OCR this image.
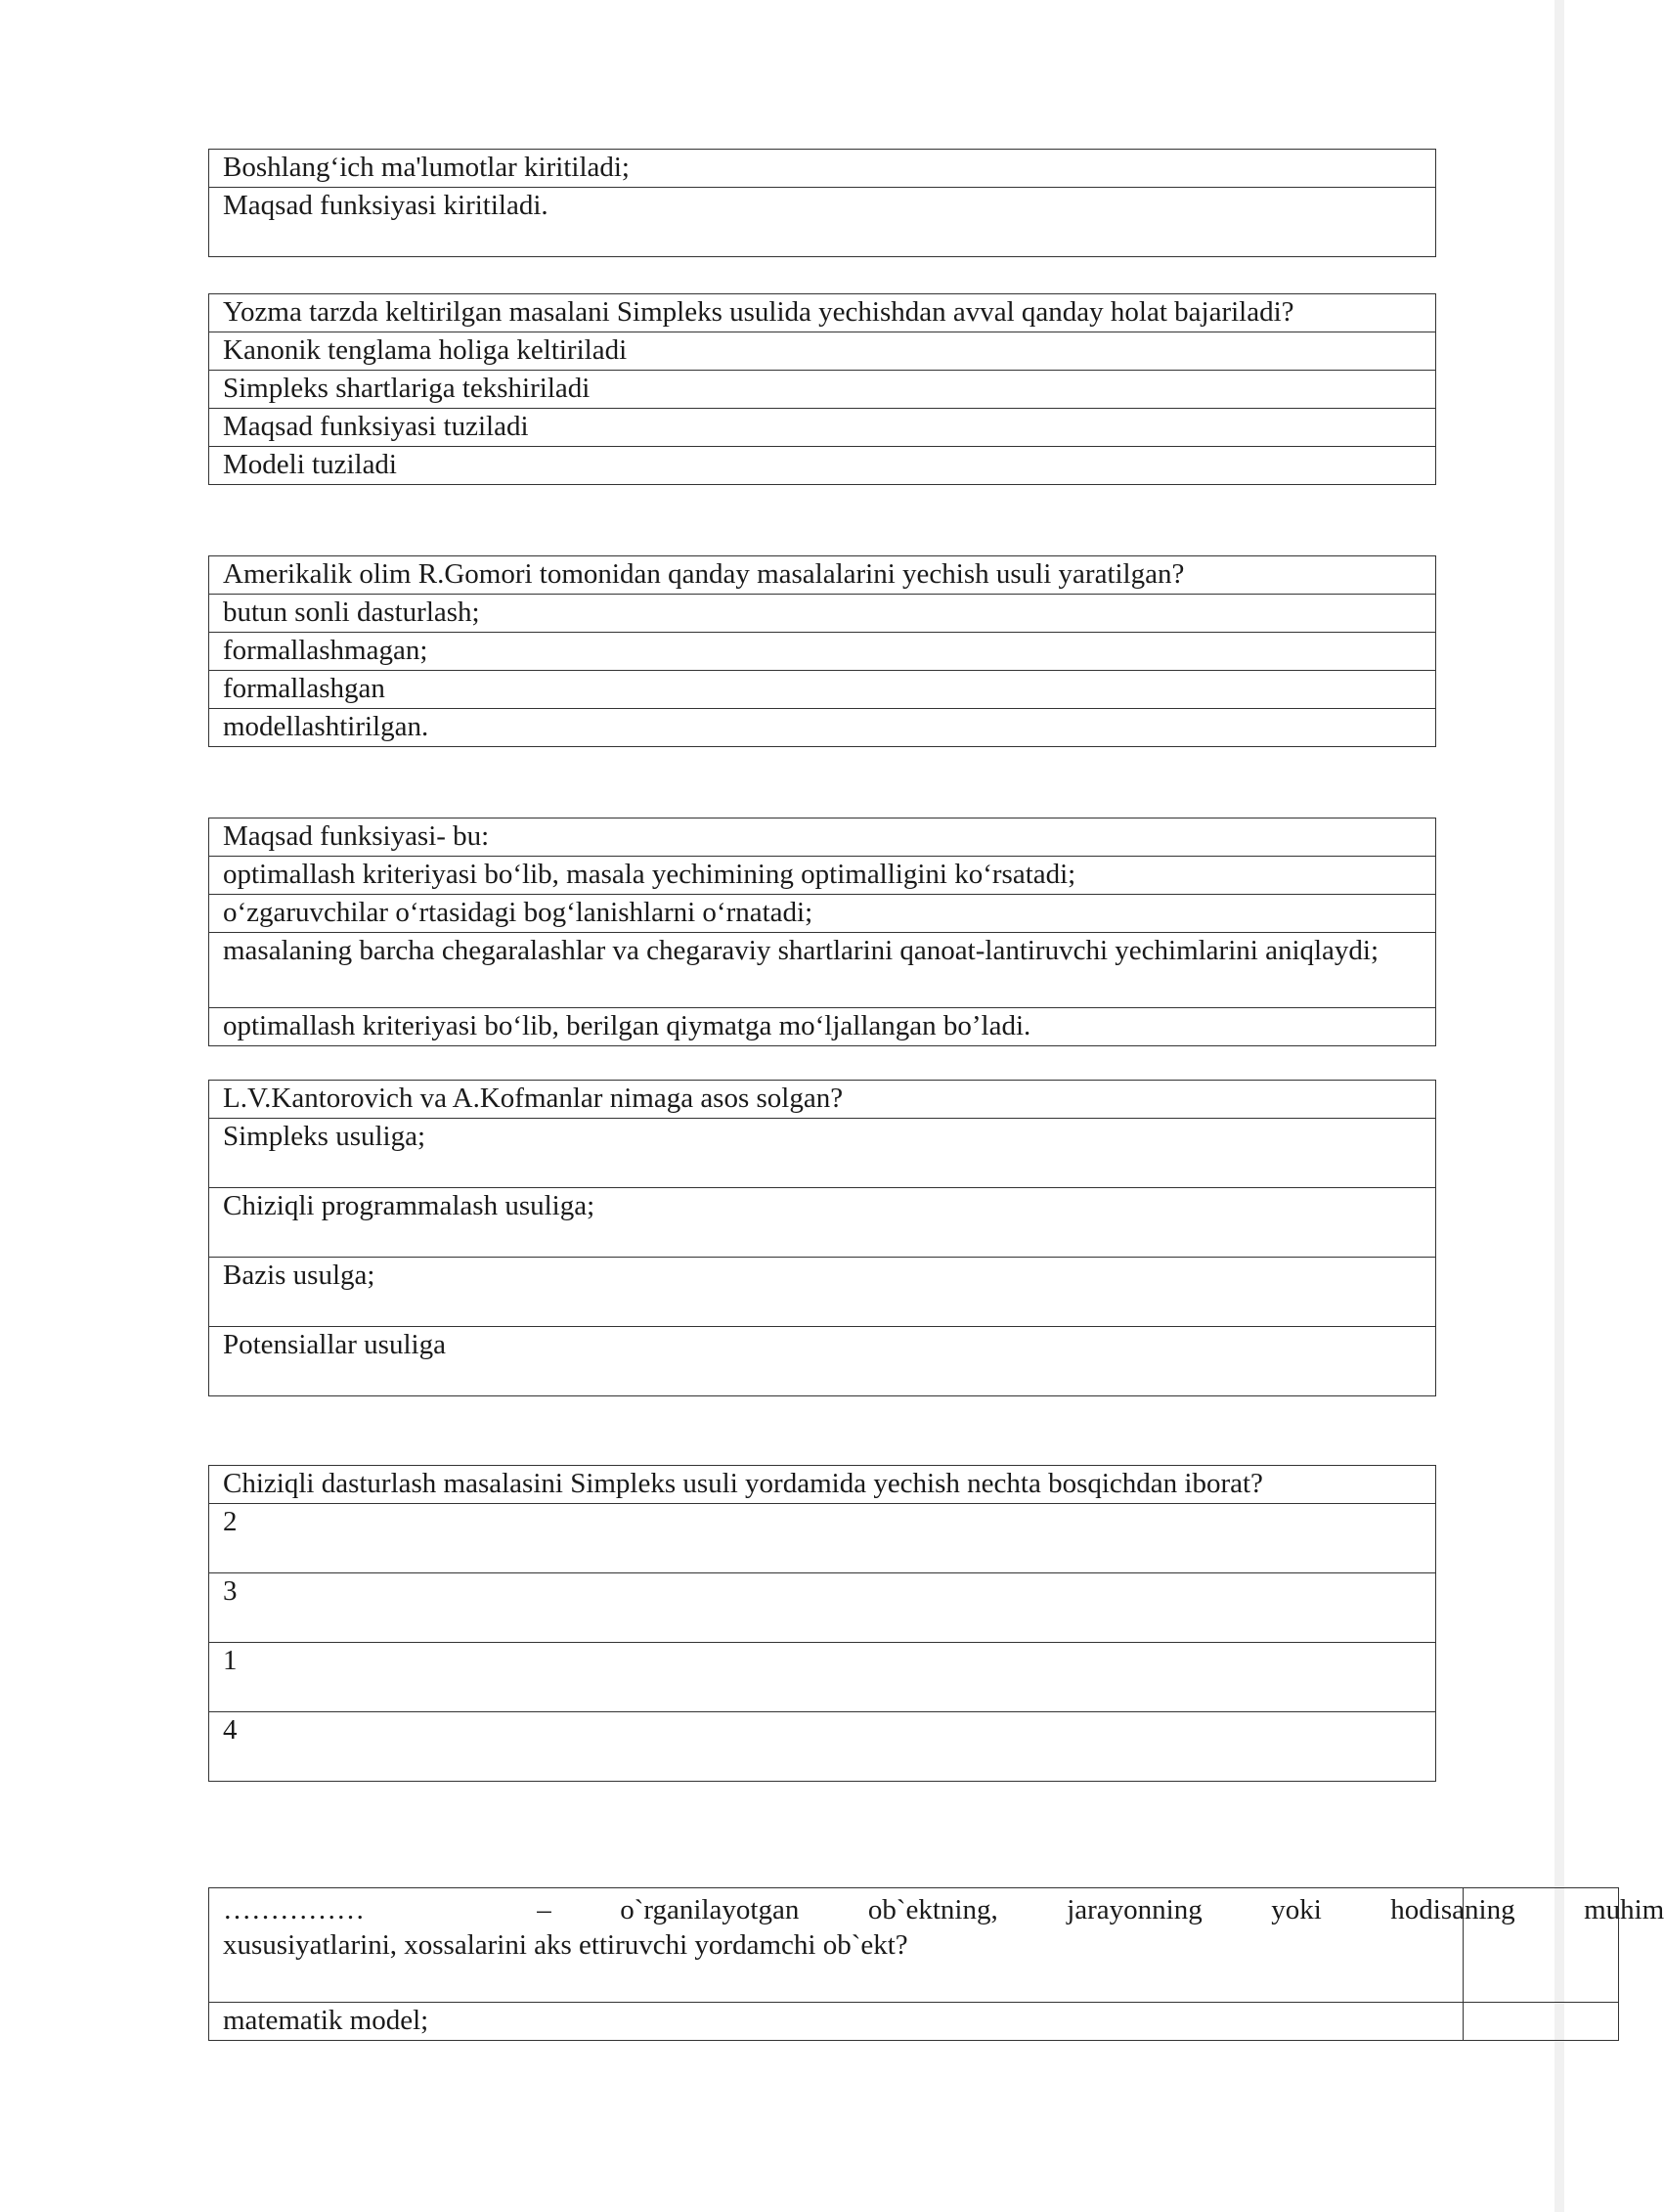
Boshlang‘ich ma'lumotlar kiritiladi;
Maqsad funksiyasi kiritiladi.
Yozma tarzda keltirilgan masalani Simpleks usulida yechishdan avval qanday holat bajariladi?
Kanonik tenglama holiga keltiriladi
Simpleks shartlariga tekshiriladi
Maqsad funksiyasi tuziladi
Modeli tuziladi
Amerikalik olim R.Gomori tomonidan qanday masalalarini yechish usuli yaratilgan?
butun sonli dasturlash;
formallashmagan;
formallashgan
modellashtirilgan.
Maqsad funksiyasi- bu:
optimallash kriteriyasi bo‘lib, masala yechimining optimalligini ko‘rsatadi;
o‘zgaruvchilar o‘rtasidagi bog‘lanishlarni o‘rnatadi;
masalaning barcha chegaralashlar va chegaraviy shartlarini qanoat-lantiruvchi yechimlarini aniqlaydi;
optimallash kriteriyasi bo‘lib, berilgan qiymatga mo‘ljallangan bo’ladi.
L.V.Kantorovich va A.Kofmanlar nimaga asos solgan?
Simpleks usuliga;
Chiziqli programmalash usuliga;
Bazis usulga;
Potensiallar usuliga
Chiziqli dasturlash masalasini Simpleks usuli yordamida yechish nechta bosqichdan iborat?
2
3
1
4
……………     –  o`rganilayotgan  ob`ektning,  jarayonning  yoki  hodisaning  muhim
xususiyatlarini, xossalarini aks ettiruvchi yordamchi ob`ekt?	

matematik model;	
